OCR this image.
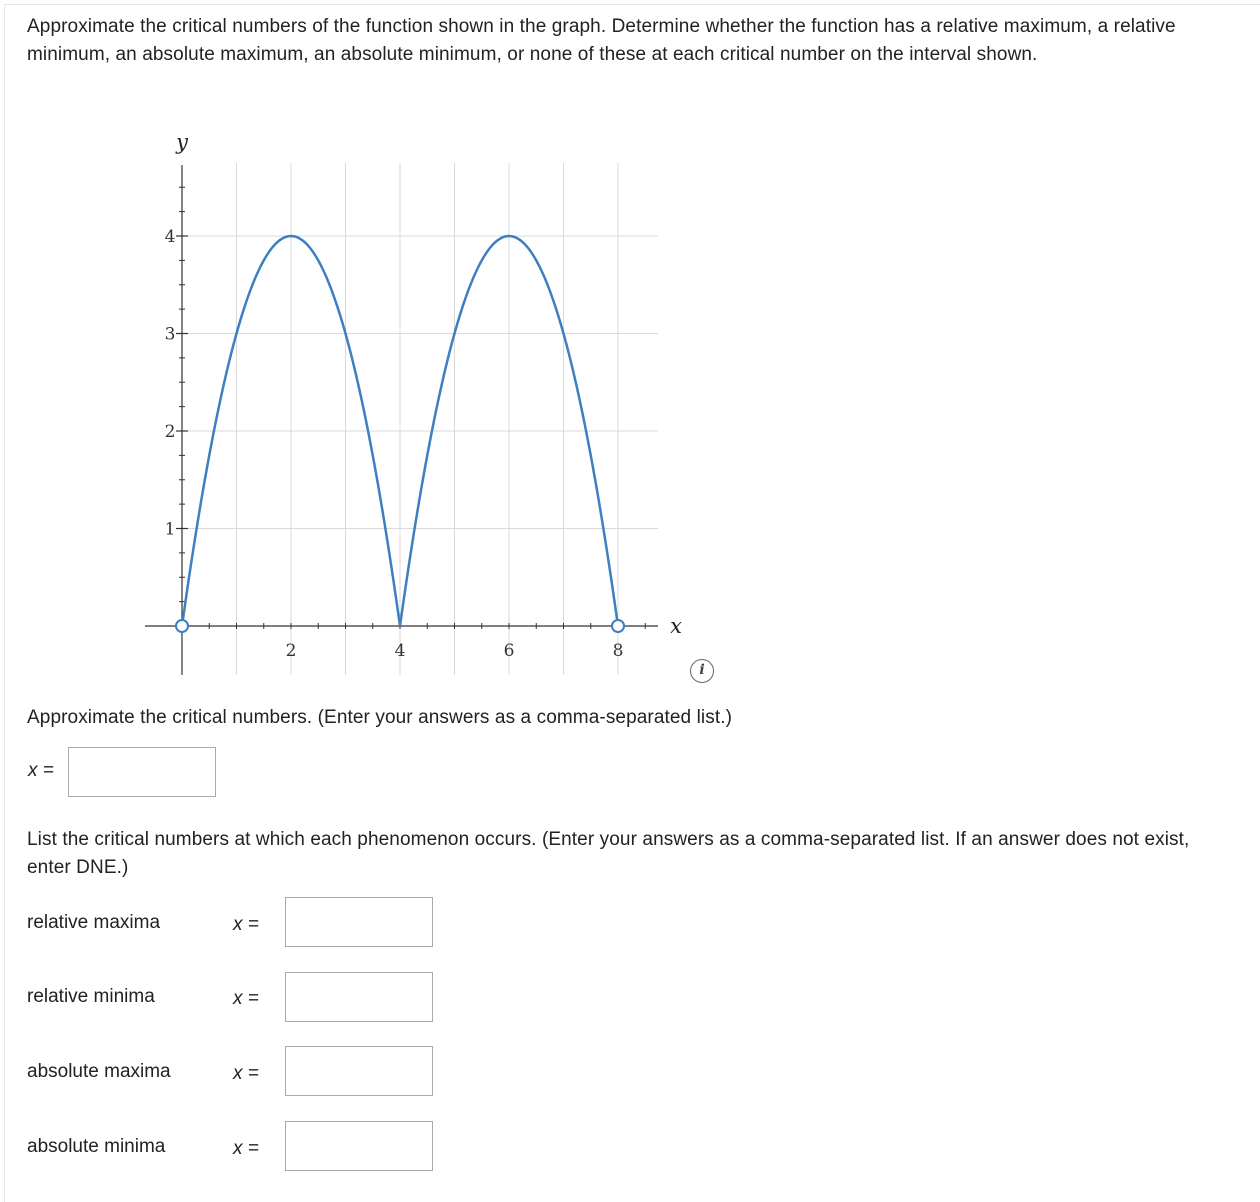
Approximate the critical numbers of the function shown in the graph. Determine whether the function has a relative maximum, a relative minimum, an absolute maximum, an absolute minimum, or none of these at each critical number on the interval shown.
y
x
2	4	6	8
1
2
3
4
i
Approximate the critical numbers. (Enter your answers as a comma-separated list.)
x =
List the critical numbers at which each phenomenon occurs. (Enter your answers as a comma-separated list. If an answer does not exist, enter DNE.)
relative maxima	x =
relative minima	x =
absolute maxima	x =
absolute minima	x =
